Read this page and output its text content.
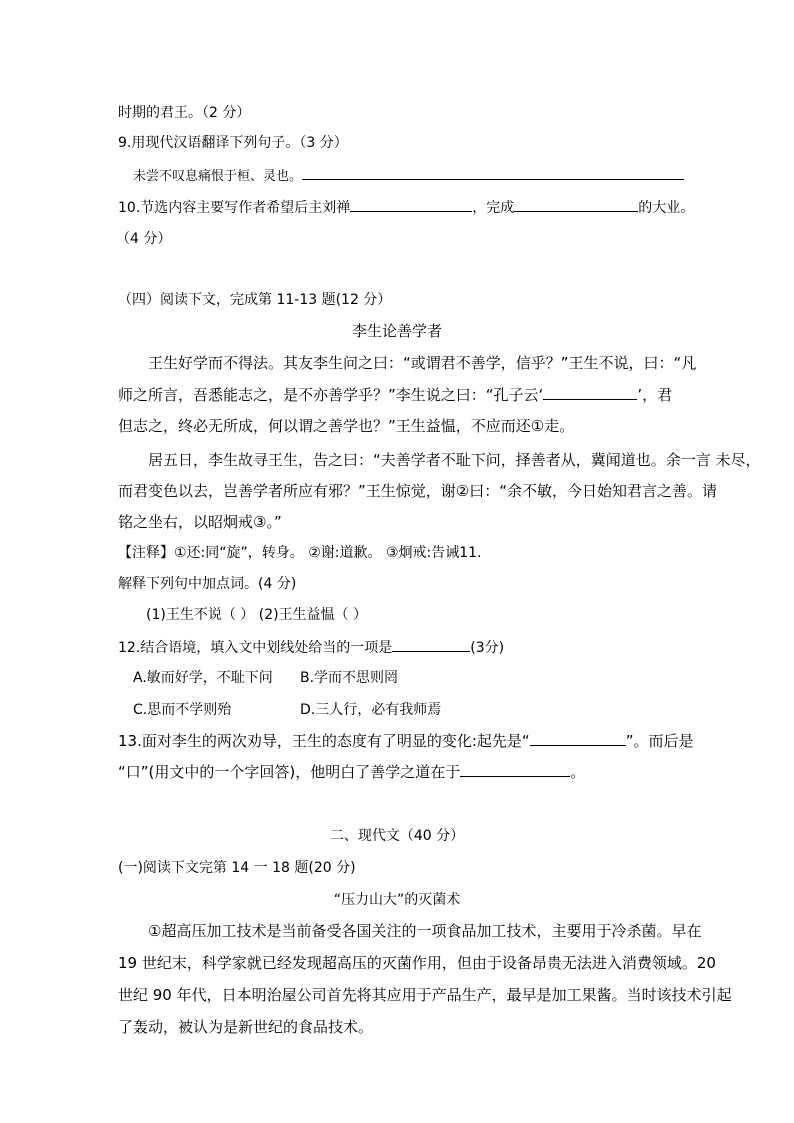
时期的君王。（2 分）
9.用现代汉语翻译下列句子。（3 分）
未尝不叹息痛恨于桓、灵也。
10.节选内容主要写作者希望后主刘禅	，完成	的大业。
（4 分）
（四）阅读下文，完成第 11-13 题(12 分）
李生论善学者
王生好学而不得法。其友李生问之曰：“或谓君不善学，信乎？”王生不说，曰：“凡
师之所言，吾悉能志之，是不亦善学乎？”李生说之曰：“孔子云‘	’，君
但志之，终必无所成，何以谓之善学也？”王生益愠，不应而还①走。
居五日，李生故寻王生，告之曰：“夫善学者不耻下问，择善者从，冀闻道也。余一言 未尽，
而君变色以去，岂善学者所应有邪？”王生惊觉，谢②曰：“余不敏，今日始知君言之善。请
铭之坐右，以昭炯戒③。”
【注释】①还:同“旋”，转身。 ②谢:道歉。 ③炯戒:告诫11.
解释下列句中加点词。(4 分)
(1)王生不说（ ） (2)王生益愠（ ）
12.结合语境，填入文中划线处给当的一项是	(3分)
A.敏而好学，不耻下问 B.学而不思则罔
C.思而不学则殆	D.三人行，必有我师焉
13.面对李生的两次劝导，王生的态度有了明显的变化:起先是“	”。而后是
“口”(用文中的一个字回答)，他明白了善学之道在于	。
二、现代文（40 分）
(一)阅读下文完第 14 一 18 题(20 分)
“压力山大”的灭菌术
①超高压加工技术是当前备受各国关注的一项食品加工技术，主要用于冷杀菌。早在
19 世纪末，科学家就已经发现超高压的灭菌作用，但由于设备昂贵无法进入消费领域。20
世纪 90 年代，日本明治屋公司首先将其应用于产品生产，最早是加工果酱。当时该技术引起
了轰动，被认为是新世纪的食品技术。
